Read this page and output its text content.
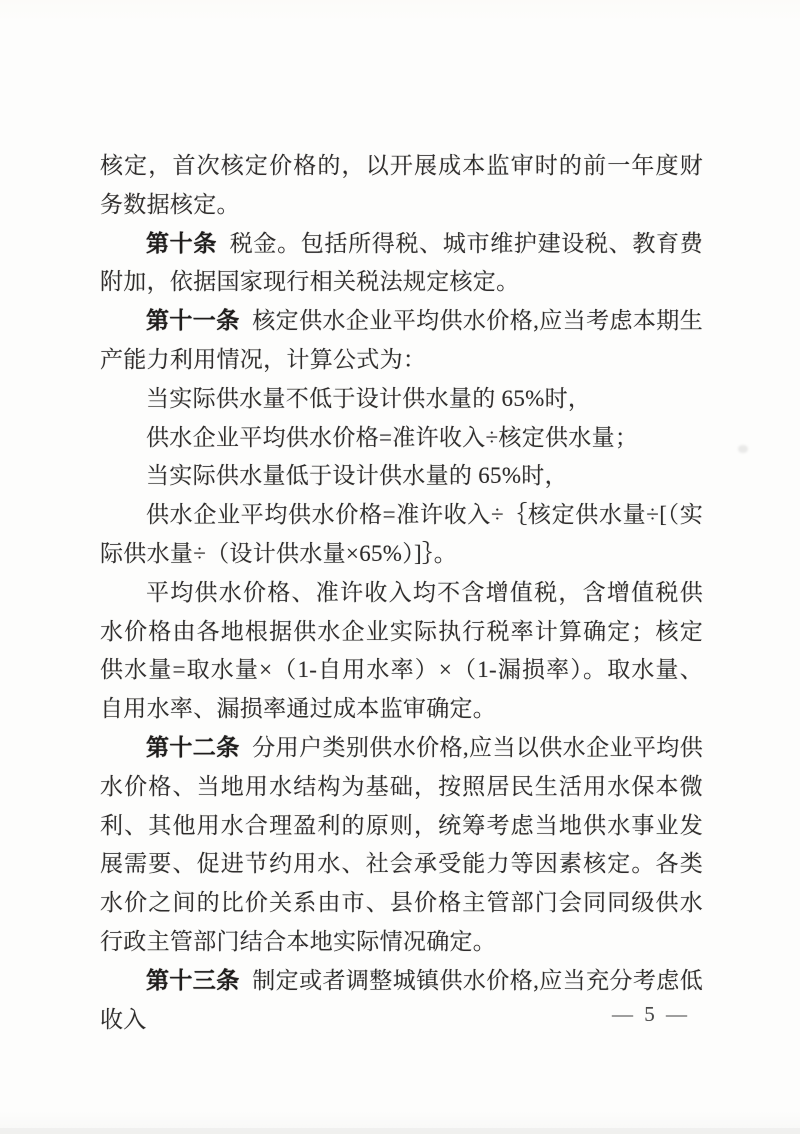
核定，首次核定价格的，以开展成本监审时的前一年度财务数据核定。

第十条 税金。包括所得税、城市维护建设税、教育费附加，依据国家现行相关税法规定核定。

第十一条 核定供水企业平均供水价格,应当考虑本期生产能力利用情况，计算公式为：

当实际供水量不低于设计供水量的 65%时，

供水企业平均供水价格=准许收入÷核定供水量；

当实际供水量低于设计供水量的 65%时，

供水企业平均供水价格=准许收入÷｛核定供水量÷[（实际供水量÷（设计供水量×65%）]｝。

平均供水价格、准许收入均不含增值税，含增值税供水价格由各地根据供水企业实际执行税率计算确定；核定供水量=取水量×（1-自用水率）×（1-漏损率）。取水量、自用水率、漏损率通过成本监审确定。

第十二条 分用户类别供水价格,应当以供水企业平均供水价格、当地用水结构为基础，按照居民生活用水保本微利、其他用水合理盈利的原则，统筹考虑当地供水事业发展需要、促进节约用水、社会承受能力等因素核定。各类水价之间的比价关系由市、县价格主管部门会同同级供水行政主管部门结合本地实际情况确定。

第十三条 制定或者调整城镇供水价格,应当充分考虑低收入	— 5 —
